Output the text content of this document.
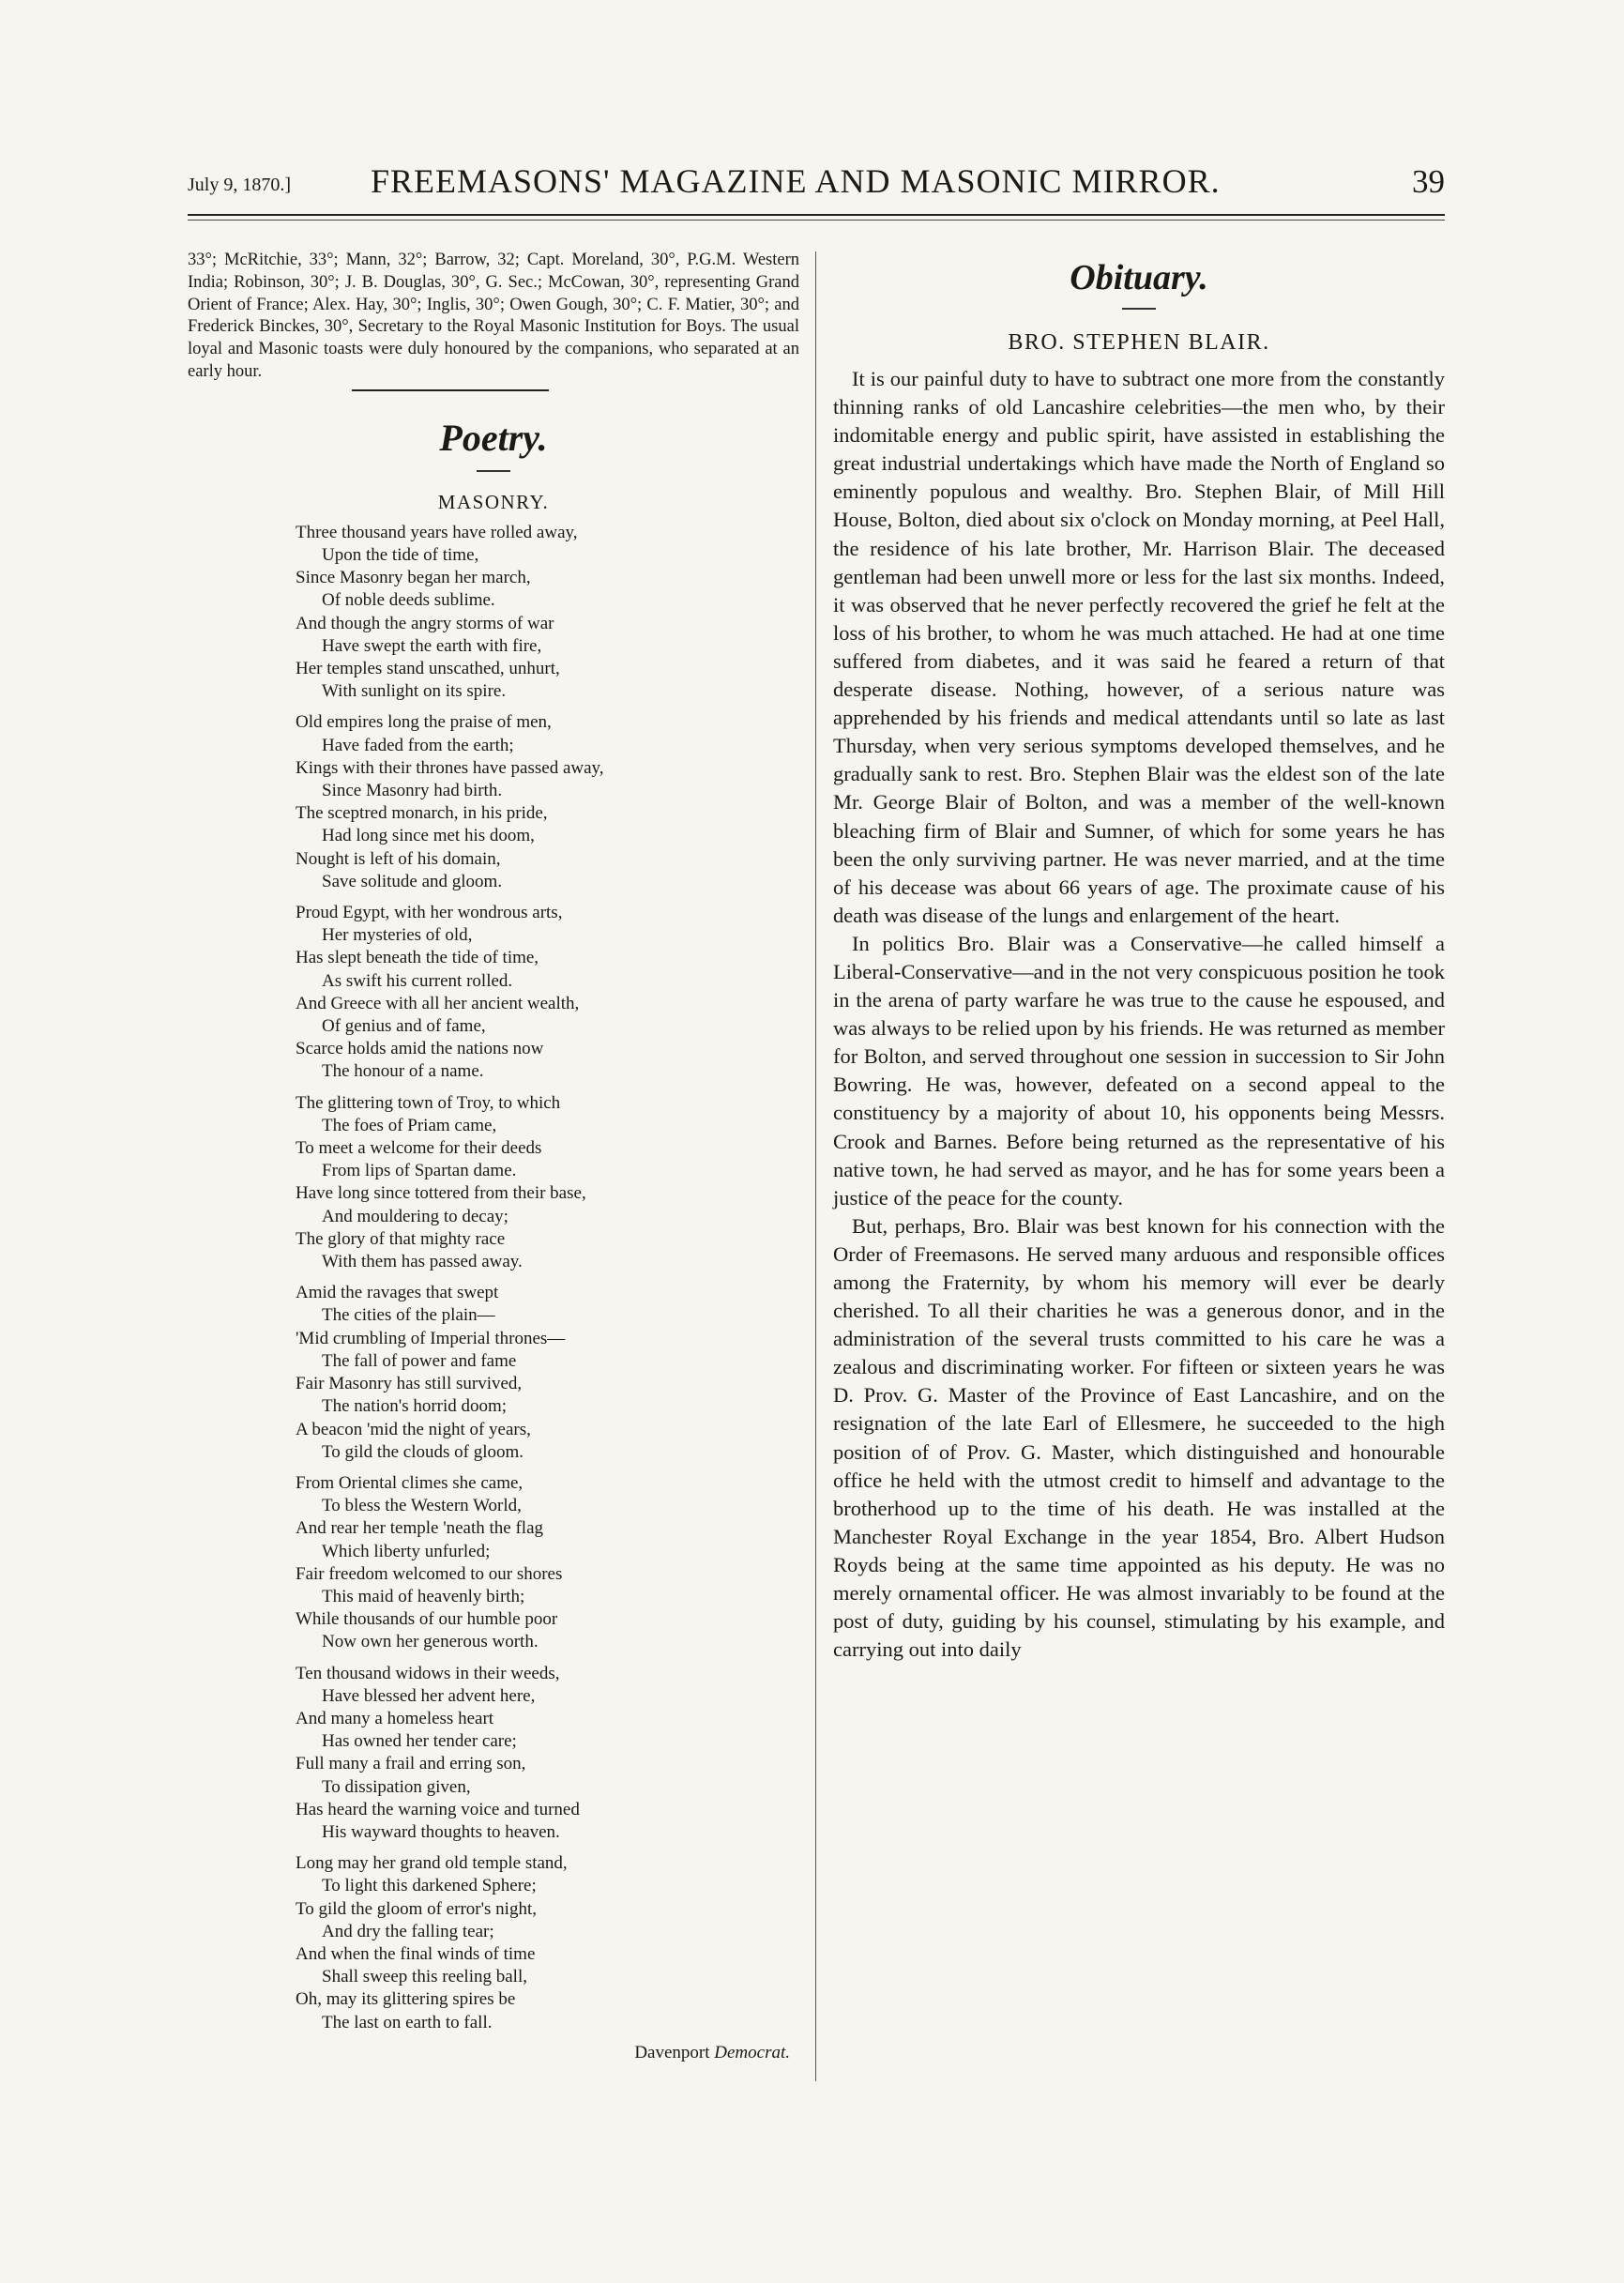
July 9, 1870.] FREEMASONS' MAGAZINE AND MASONIC MIRROR.	39

33°; McRitchie, 33°; Mann, 32°; Barrow, 32; Capt. Moreland, 30°, P.G.M. Western India; Robinson, 30°; J. B. Douglas, 30°, G. Sec.; McCowan, 30°, representing Grand Orient of France; Alex. Hay, 30°; Inglis, 30°; Owen Gough, 30°; C. F. Matier, 30°; and Frederick Binckes, 30°, Secretary to the Royal Masonic Institution for Boys. The usual loyal and Masonic toasts were duly honoured by the companions, who separated at an early hour.

Poetry.
MASONRY.
Three thousand years have rolled away,
Upon the tide of time,
Since Masonry began her march,
Of noble deeds sublime.
And though the angry storms of war
Have swept the earth with fire,
Her temples stand unscathed, unhurt,
With sunlight on its spire.
Old empires long the praise of men,
Have faded from the earth;
Kings with their thrones have passed away,
Since Masonry had birth.
The sceptred monarch, in his pride,
Had long since met his doom,
Nought is left of his domain,
Save solitude and gloom.
Proud Egypt, with her wondrous arts,
Her mysteries of old,
Has slept beneath the tide of time,
As swift his current rolled.
And Greece with all her ancient wealth,
Of genius and of fame,
Scarce holds amid the nations now
The honour of a name.
The glittering town of Troy, to which
The foes of Priam came,
To meet a welcome for their deeds
From lips of Spartan dame.
Have long since tottered from their base,
And mouldering to decay;
The glory of that mighty race
With them has passed away.
Amid the ravages that swept
The cities of the plain—
'Mid crumbling of Imperial thrones—
The fall of power and fame
Fair Masonry has still survived,
The nation's horrid doom;
A beacon 'mid the night of years,
To gild the clouds of gloom.
From Oriental climes she came,
To bless the Western World,
And rear her temple 'neath the flag
Which liberty unfurled;
Fair freedom welcomed to our shores
This maid of heavenly birth;
While thousands of our humble poor
Now own her generous worth.
Ten thousand widows in their weeds,
Have blessed her advent here,
And many a homeless heart
Has owned her tender care;
Full many a frail and erring son,
To dissipation given,
Has heard the warning voice and turned
His wayward thoughts to heaven.
Long may her grand old temple stand,
To light this darkened Sphere;
To gild the gloom of error's night,
And dry the falling tear;
And when the final winds of time
Shall sweep this reeling ball,
Oh, may its glittering spires be
The last on earth to fall.
Davenport Democrat.
Obituary.
BRO. STEPHEN BLAIR.

It is our painful duty to have to subtract one more from the constantly thinning ranks of old Lancashire celebrities—the men who, by their indomitable energy and public spirit, have assisted in establishing the great industrial undertakings which have made the North of England so eminently populous and wealthy. Bro. Stephen Blair, of Mill Hill House, Bolton, died about six o'clock on Monday morning, at Peel Hall, the residence of his late brother, Mr. Harrison Blair. The deceased gentleman had been unwell more or less for the last six months. Indeed, it was observed that he never perfectly recovered the grief he felt at the loss of his brother, to whom he was much attached. He had at one time suffered from diabetes, and it was said he feared a return of that desperate disease. Nothing, however, of a serious nature was apprehended by his friends and medical attendants until so late as last Thursday, when very serious symptoms developed themselves, and he gradually sank to rest. Bro. Stephen Blair was the eldest son of the late Mr. George Blair of Bolton, and was a member of the well-known bleaching firm of Blair and Sumner, of which for some years he has been the only surviving partner. He was never married, and at the time of his decease was about 66 years of age. The proximate cause of his death was disease of the lungs and enlargement of the heart.

In politics Bro. Blair was a Conservative—he called himself a Liberal-Conservative—and in the not very conspicuous position he took in the arena of party warfare he was true to the cause he espoused, and was always to be relied upon by his friends. He was returned as member for Bolton, and served throughout one session in succession to Sir John Bowring. He was, however, defeated on a second appeal to the constituency by a majority of about 10, his opponents being Messrs. Crook and Barnes. Before being returned as the representative of his native town, he had served as mayor, and he has for some years been a justice of the peace for the county.

But, perhaps, Bro. Blair was best known for his connection with the Order of Freemasons. He served many arduous and responsible offices among the Fraternity, by whom his memory will ever be dearly cherished. To all their charities he was a generous donor, and in the administration of the several trusts committed to his care he was a zealous and discriminating worker. For fifteen or sixteen years he was D. Prov. G. Master of the Province of East Lancashire, and on the resignation of the late Earl of Ellesmere, he succeeded to the high position of of Prov. G. Master, which distinguished and honourable office he held with the utmost credit to himself and advantage to the brotherhood up to the time of his death. He was installed at the Manchester Royal Exchange in the year 1854, Bro. Albert Hudson Royds being at the same time appointed as his deputy. He was no merely ornamental officer. He was almost invariably to be found at the post of duty, guiding by his counsel, stimulating by his example, and carrying out into daily
